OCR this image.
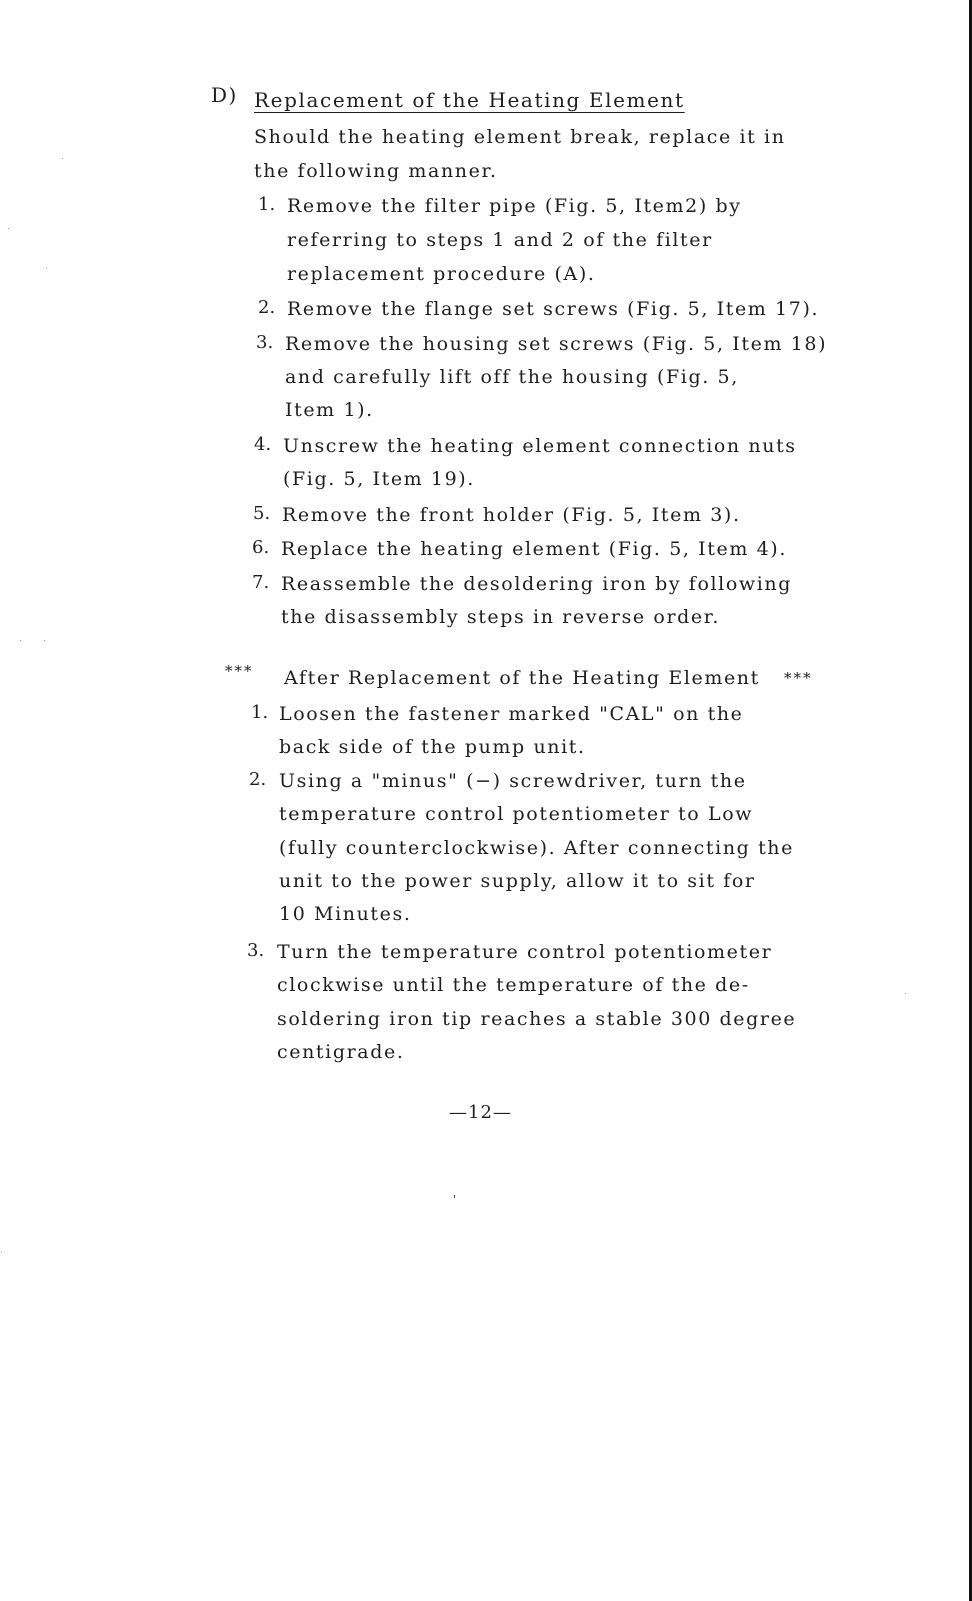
D) Replacement of the Heating Element
Should the heating element break, replace it in
the following manner.
1. Remove the filter pipe (Fig. 5, Item2) by
referring to steps 1 and 2 of the filter
replacement procedure (A).
2. Remove the flange set screws (Fig. 5, Item 17).
3. Remove the housing set screws (Fig. 5, Item 18)
and carefully lift off the housing (Fig. 5,
Item 1).
4. Unscrew the heating element connection nuts
(Fig. 5, Item 19).
5. Remove the front holder (Fig. 5, Item 3).
6. Replace the heating element (Fig. 5, Item 4).
7. Reassemble the desoldering iron by following
the disassembly steps in reverse order.
*** After Replacement of the Heating Element ***
1. Loosen the fastener marked "CAL" on the
back side of the pump unit.
2. Using a "minus" (−) screwdriver, turn the
temperature control potentiometer to Low
(fully counterclockwise). After connecting the
unit to the power supply, allow it to sit for
10 Minutes.
3. Turn the temperature control potentiometer
clockwise until the temperature of the de-
soldering iron tip reaches a stable 300 degree
centigrade.
—12—
